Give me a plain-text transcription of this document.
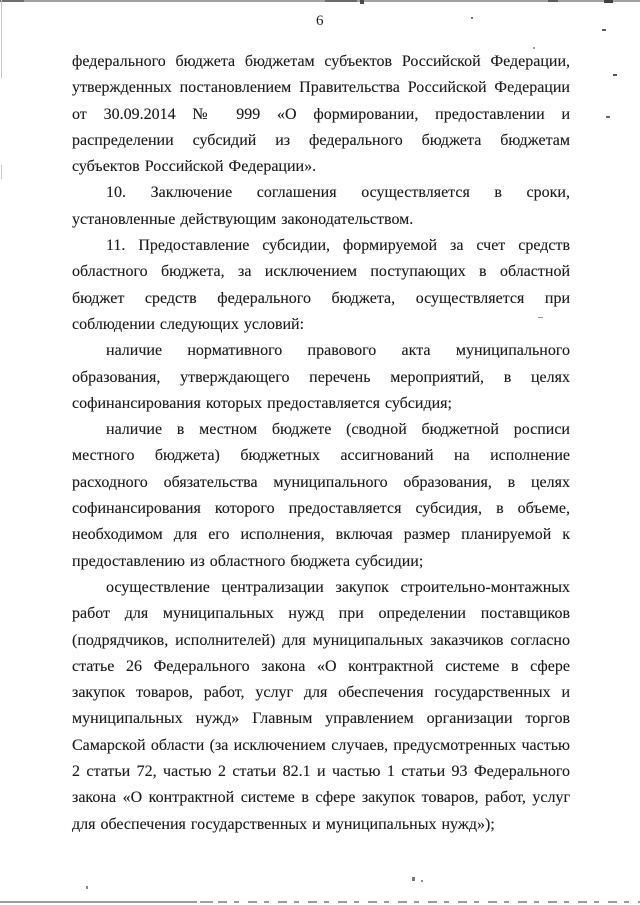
6

федерального бюджета бюджетам субъектов Российской Федерации, утвержденных постановлением Правительства Российской Федерации от 30.09.2014 № 999 «О формировании, предоставлении и распределении субсидий из федерального бюджета бюджетам субъектов Российской Федерации».

10. Заключение соглашения осуществляется в сроки, установленные действующим законодательством.

11. Предоставление субсидии, формируемой за счет средств областного бюджета, за исключением поступающих в областной бюджет средств федерального бюджета, осуществляется при соблюдении следующих условий:

наличие нормативного правового акта муниципального образования, утверждающего перечень мероприятий, в целях софинансирования которых предоставляется субсидия;

наличие в местном бюджете (сводной бюджетной росписи местного бюджета) бюджетных ассигнований на исполнение расходного обязательства муниципального образования, в целях софинансирования которого предоставляется субсидия, в объеме, необходимом для его исполнения, включая размер планируемой к предоставлению из областного бюджета субсидии;

осуществление централизации закупок строительно-монтажных работ для муниципальных нужд при определении поставщиков (подрядчиков, исполнителей) для муниципальных заказчиков согласно статье 26 Федерального закона «О контрактной системе в сфере закупок товаров, работ, услуг для обеспечения государственных и муниципальных нужд» Главным управлением организации торгов Самарской области (за исключением случаев, предусмотренных частью 2 статьи 72, частью 2 статьи 82.1 и частью 1 статьи 93 Федерального закона «О контрактной системе в сфере закупок товаров, работ, услуг для обеспечения государственных и муниципальных нужд»);
